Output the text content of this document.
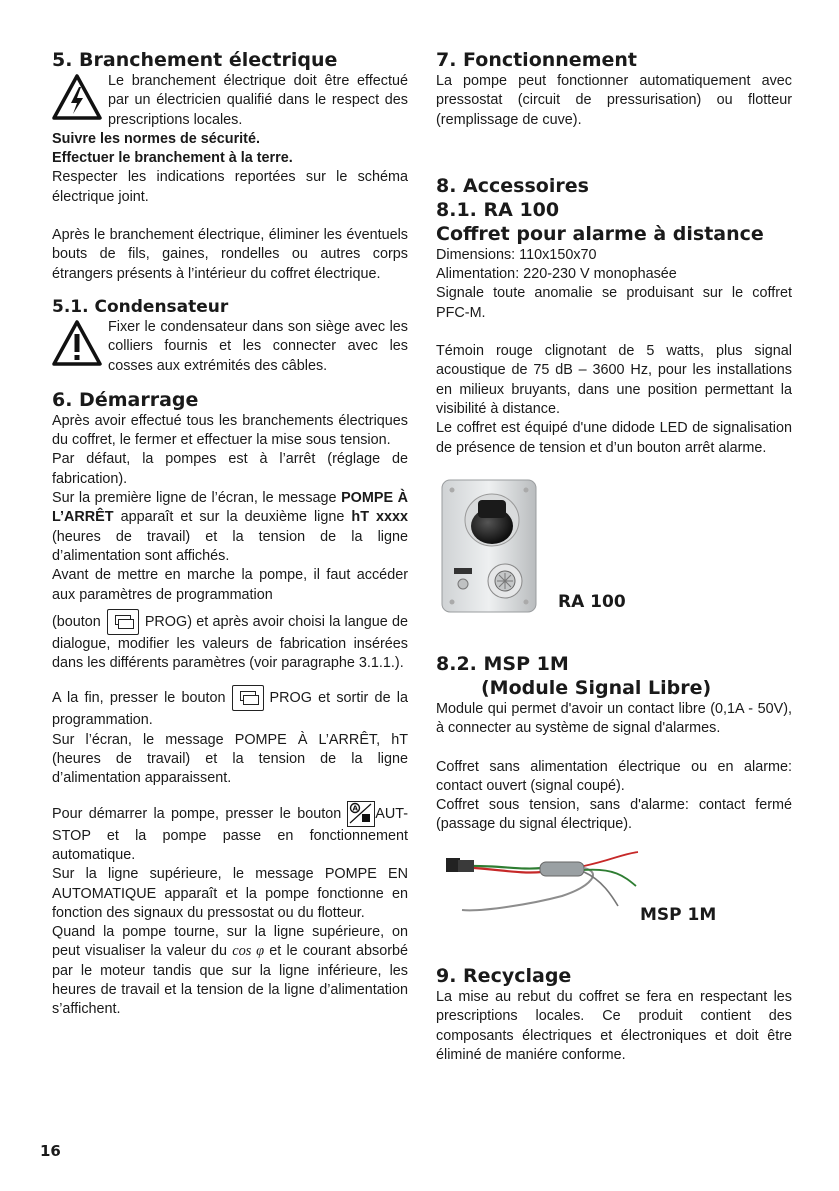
5. Branchement électrique

Le branchement électrique doit être effectué par un électricien qualifié dans le respect des prescriptions locales.

Suivre les normes de sécurité.

Effectuer le branchement à la terre.

Respecter les indications reportées sur le schéma électrique joint.

Après le branchement électrique, éliminer les éventuels bouts de fils, gaines, rondelles ou autres corps étrangers présents à l’intérieur du coffret électrique.

5.1. Condensateur

Fixer le condensateur dans son siège avec les colliers fournis et les connecter avec les cosses aux extrémités des câbles.

6. Démarrage

Après avoir effectué tous les branchements électriques du coffret, le fermer et effectuer la mise sous tension.

Par défaut, la pompes est à l’arrêt (réglage de fabrication).

Sur la première ligne de l’écran, le message POMPE À L’ARRÊT apparaît et sur la deuxième ligne hT xxxx (heures de travail) et la tension de la ligne d’alimentation sont affichés.

Avant de mettre en marche la pompe, il faut accéder aux paramètres de programmation

(bouton	PROG) et après avoir choisi la langue de dialogue, modifier les valeurs de fabrication insérées dans les différents paramètres (voir paragraphe 3.1.1.).

A la fin, presser le bouton	PROG et sortir de la programmation.

Sur l’écran, le message POMPE À L’ARRÊT, hT (heures de travail) et la tension de la ligne d’alimentation apparaissent.

Pour démarrer la pompe, presser le bouton A AUT-STOP et la pompe passe en fonctionnement automatique.

Sur la ligne supérieure, le message POMPE EN AUTOMATIQUE apparaît et la pompe fonctionne en fonction des signaux du pressostat ou du flotteur.

Quand la pompe tourne, sur la ligne supérieure, on peut visualiser la valeur du cos φ et le courant absorbé par le moteur tandis que sur la ligne inférieure, les heures de travail et la tension de la ligne d’alimentation s’affichent.

7. Fonctionnement

La pompe peut fonctionner automatiquement avec pressostat (circuit de pressurisation) ou flotteur (remplissage de cuve).

8. Accessoires
8.1. RA 100
Coffret pour alarme à distance

Dimensions: 110x150x70

Alimentation: 220-230 V monophasée

Signale toute anomalie se produisant sur le coffret PFC-M.

Témoin rouge clignotant de 5 watts, plus signal acoustique de 75 dB – 3600 Hz, pour les installations en milieux bruyants, dans une position permettant la visibilité à distance.

Le coffret est équipé d'une didode LED de signalisation de présence de tension et d’un bouton arrêt alarme.

RA 100
8.2. MSP 1M
(Module Signal Libre)

Module qui permet d'avoir un contact libre (0,1A - 50V), à connecter au système de signal d'alarmes.

Coffret sans alimentation électrique ou en alarme: contact ouvert (signal coupé).

Coffret sous tension, sans d'alarme: contact fermé (passage du signal électrique).

MSP 1M
9. Recyclage

La mise au rebut du coffret se fera en respectant les prescriptions locales. Ce produit contient des composants électriques et électroniques et doit être éliminé de maniére conforme.

16
